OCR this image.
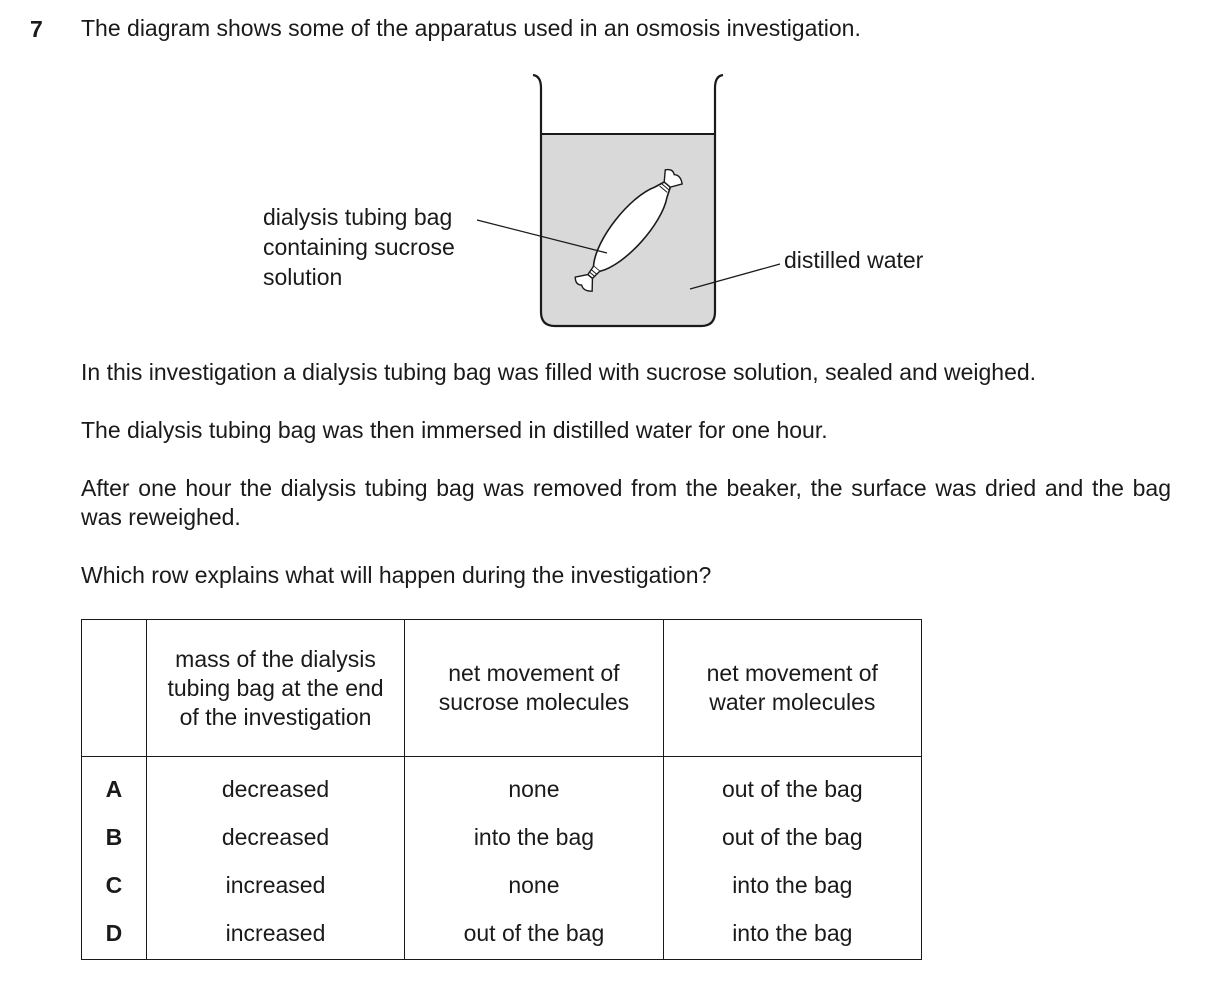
7 The diagram shows some of the apparatus used in an osmosis investigation.

dialysis tubing bag
containing sucrose
solution
distilled water

In this investigation a dialysis tubing bag was filled with sucrose solution, sealed and weighed.

The dialysis tubing bag was then immersed in distilled water for one hour.

After one hour the dialysis tubing bag was removed from the beaker, the surface was dried and the bag was reweighed.

Which row explains what will happen during the investigation?

	mass of the dialysis tubing bag at the end of the investigation	net movement of sucrose molecules	net movement of water molecules
A	decreased	none	out of the bag
B	decreased	into the bag	out of the bag
C	increased	none	into the bag
D	increased	out of the bag	into the bag
